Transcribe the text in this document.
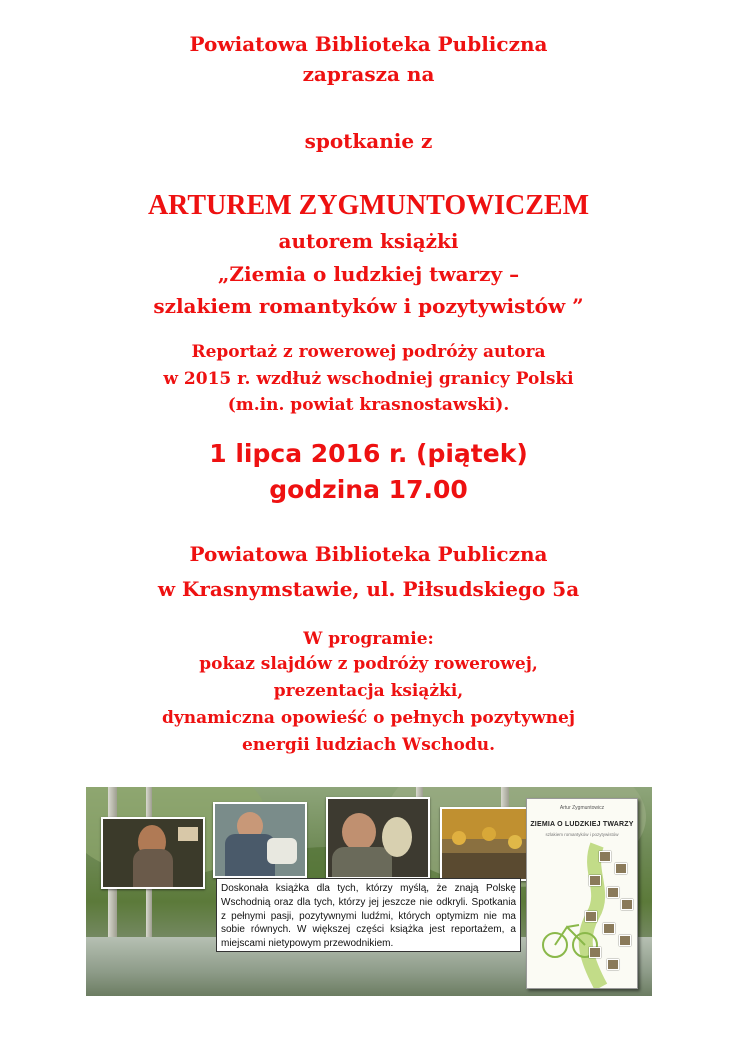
Powiatowa Biblioteka Publiczna
zaprasza na
spotkanie z
ARTUREM ZYGMUNTOWICZEM
autorem książki
„Ziemia o ludzkiej twarzy –
szlakiem romantyków i pozytywistów ”
Reportaż z rowerowej podróży autora
w 2015 r. wzdłuż wschodniej granicy Polski
(m.in. powiat krasnostawski).
1 lipca 2016 r. (piątek)
godzina 17.00
Powiatowa Biblioteka Publiczna
w Krasnymstawie, ul. Piłsudskiego 5a
W programie:
pokaz slajdów z podróży rowerowej,
prezentacja książki,
dynamiczna opowieść o pełnych pozytywnej
energii ludziach Wschodu.
Doskonała książka dla tych, którzy myślą, że znają Polskę Wschodnią oraz dla tych, którzy jej jeszcze nie odkryli. Spotkania z pełnymi pasji, pozytywnymi ludźmi, których optymizm nie ma sobie równych. W większej części książka jest reportażem, a miejscami nietypowym przewodnikiem.
Artur Zygmuntowicz
ZIEMIA O LUDZKIEJ TWARZY
szlakiem romantyków i pozytywistów
